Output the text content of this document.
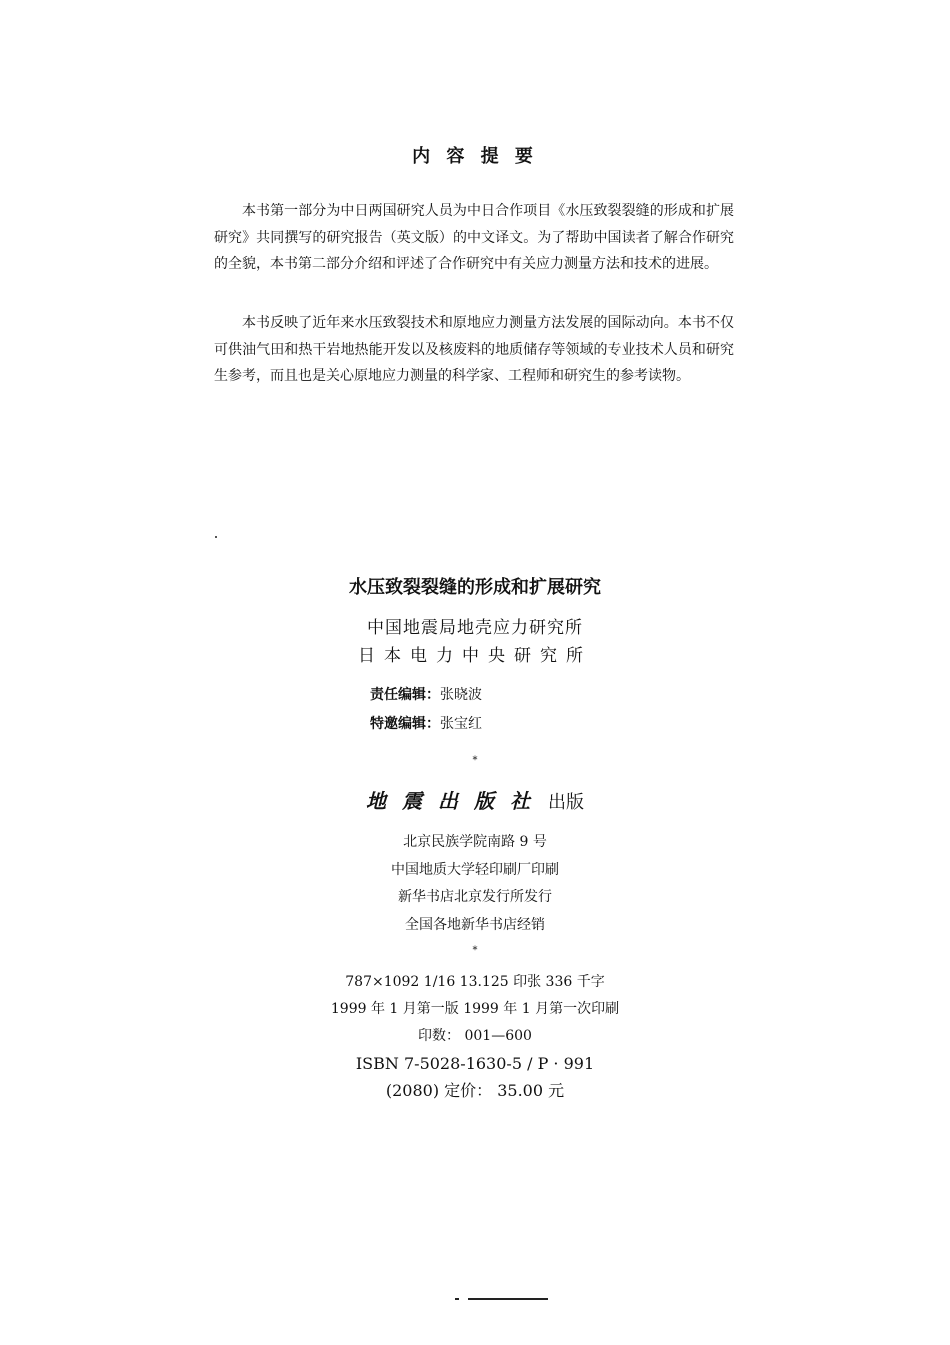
内 容 提 要
本书第一部分为中日两国研究人员为中日合作项目《水压致裂裂缝的形成和扩展研究》共同撰写的研究报告（英文版）的中文译文。为了帮助中国读者了解合作研究的全貌，本书第二部分介绍和评述了合作研究中有关应力测量方法和技术的进展。
本书反映了近年来水压致裂技术和原地应力测量方法发展的国际动向。本书不仅可供油气田和热干岩地热能开发以及核废料的地质储存等领域的专业技术人员和研究生参考，而且也是关心原地应力测量的科学家、工程师和研究生的参考读物。
水压致裂裂缝的形成和扩展研究
中国地震局地壳应力研究所
日本电力中央研究所
责任编辑：张晓波
特邀编辑：张宝红
*
地震出版社 出版
北京民族学院南路 9 号
中国地质大学轻印刷厂印刷
新华书店北京发行所发行
全国各地新华书店经销
*
787×1092 1/16 13.125 印张 336 千字
1999 年 1 月第一版 1999 年 1 月第一次印刷
印数： 001—600
ISBN 7-5028-1630-5 / P · 991
(2080) 定价： 35.00 元
